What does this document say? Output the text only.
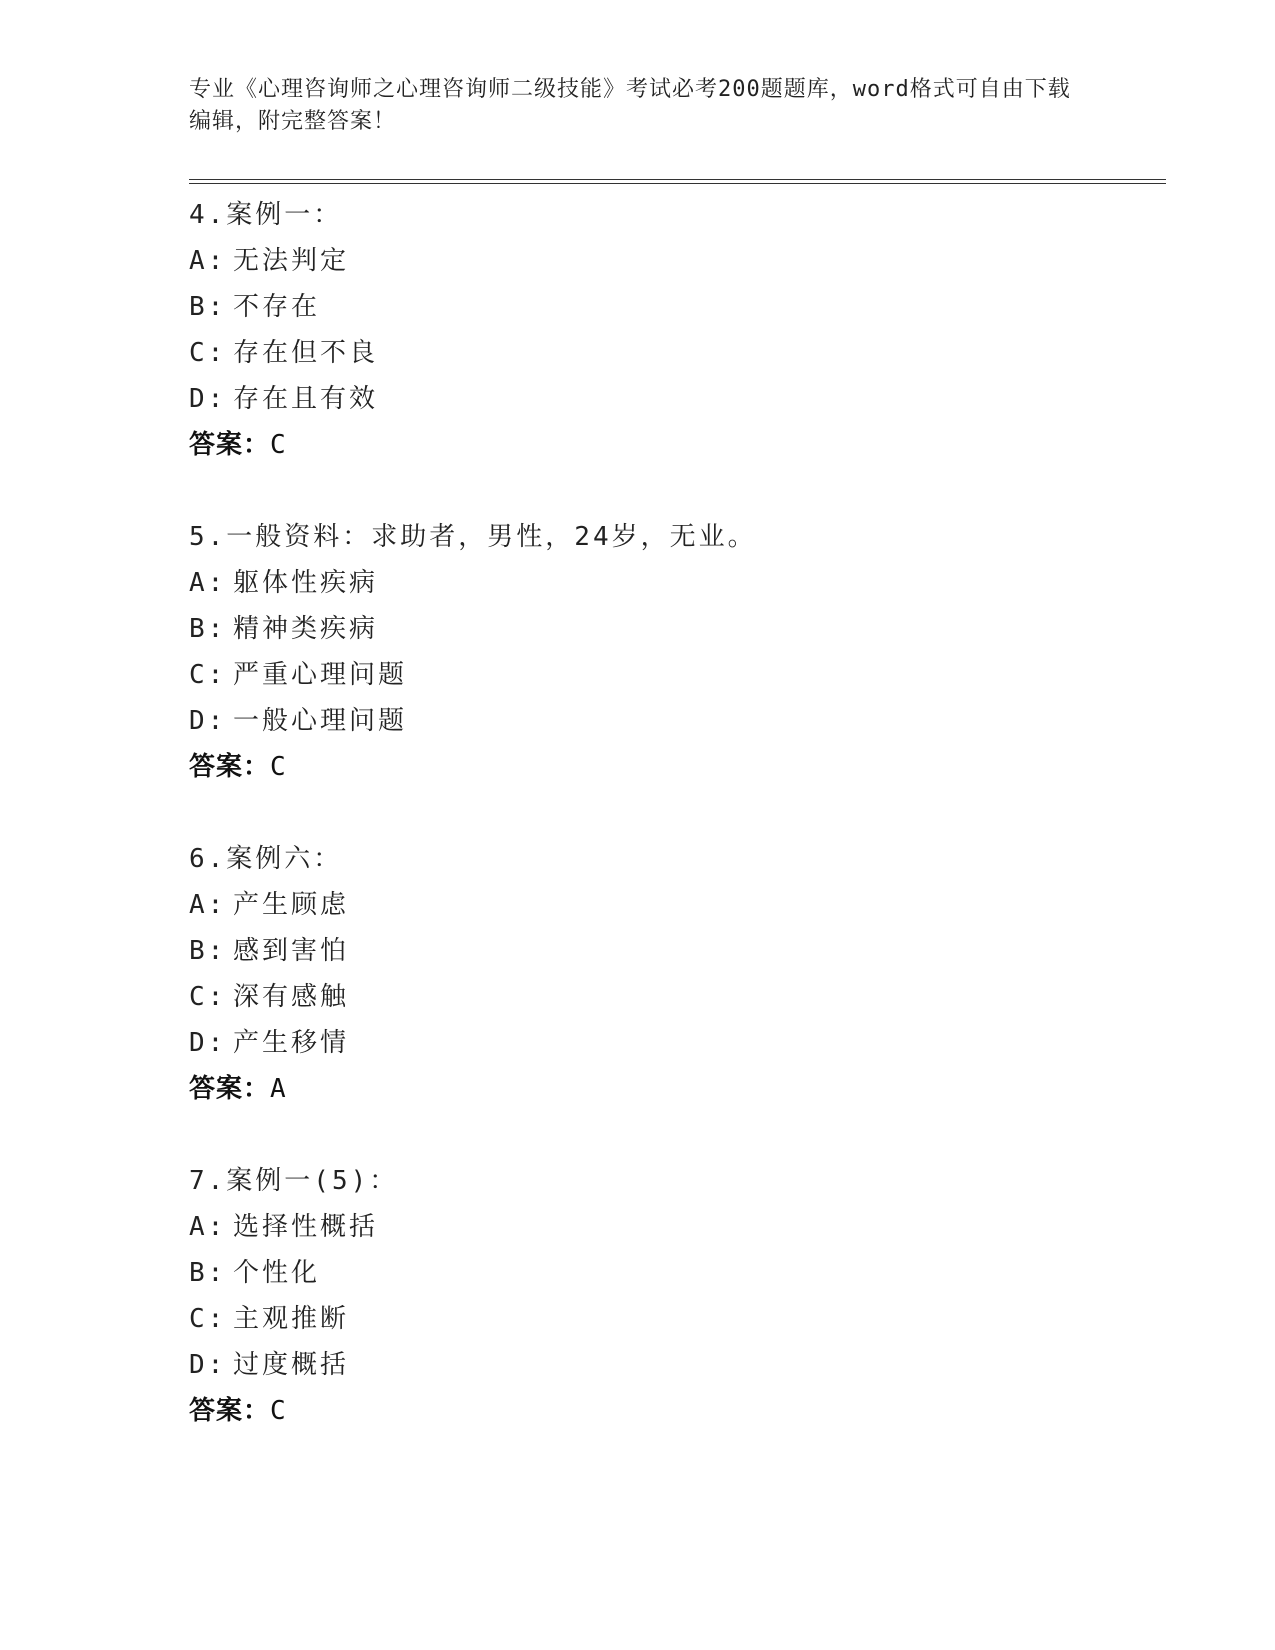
专业《心理咨询师之心理咨询师二级技能》考试必考200题题库，word格式可自由下载编辑，附完整答案！
4.案例一：
A: 无法判定
B: 不存在
C: 存在但不良
D: 存在且有效
答案：C
5.一般资料：求助者，男性，24岁，无业。
A: 躯体性疾病
B: 精神类疾病
C: 严重心理问题
D: 一般心理问题
答案：C
6.案例六：
A: 产生顾虑
B: 感到害怕
C: 深有感触
D: 产生移情
答案：A
7.案例一(5)：
A: 选择性概括
B: 个性化
C: 主观推断
D: 过度概括
答案：C
